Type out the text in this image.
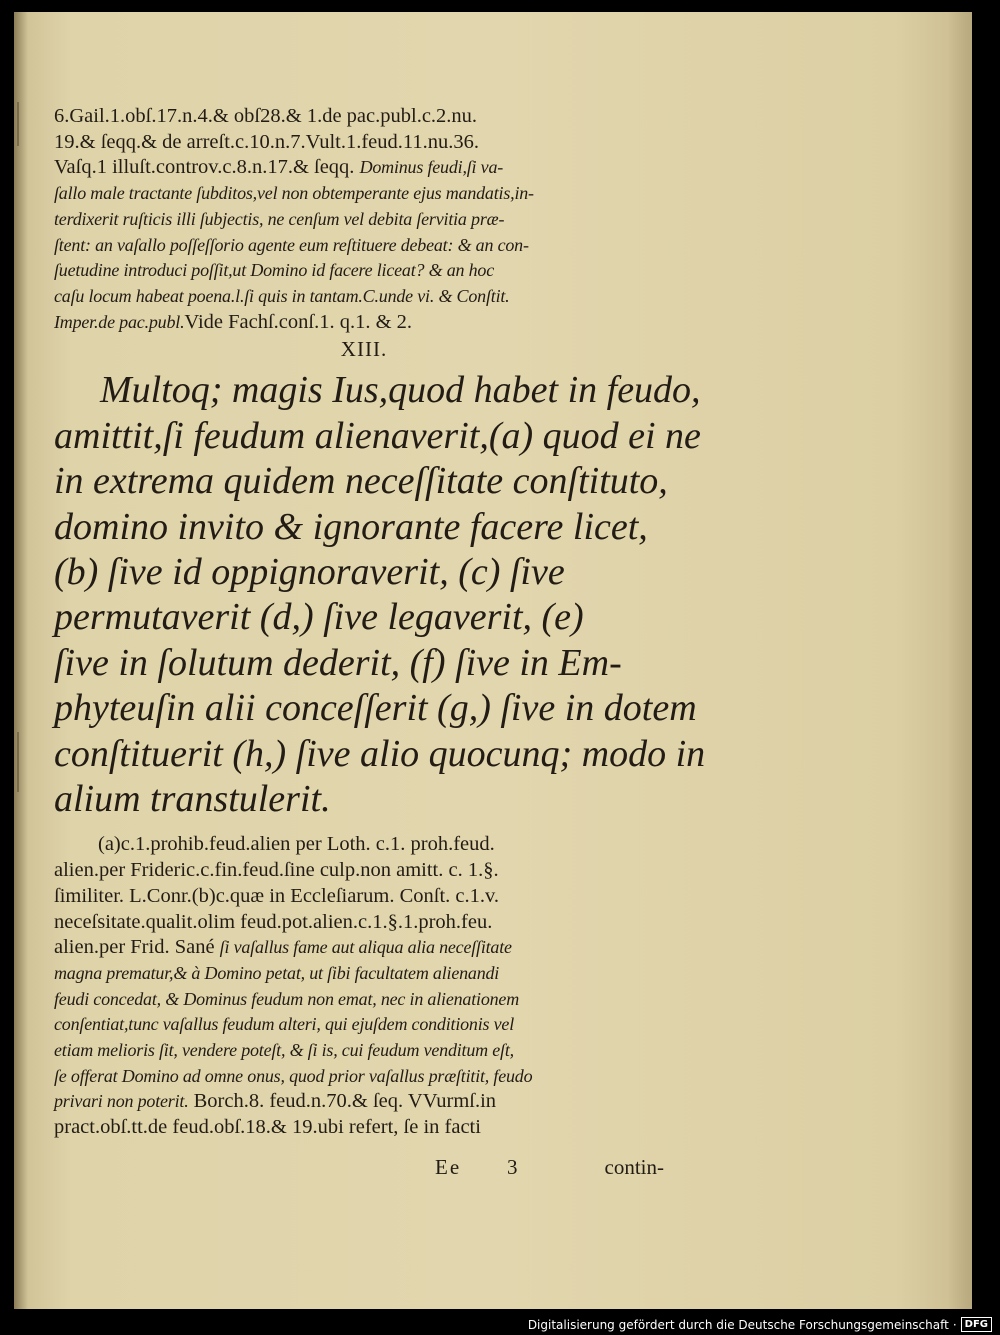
6.Gail.1.obſ.17.n.4.& obſ28.& 1.de pac.publ.c.2.nu.
19.& ſeqq.& de arreſt.c.10.n.7.Vult.1.feud.11.nu.36.
Vaſq.1 illuſt.controv.c.8.n.17.& ſeqq. Dominus feudi,ſi va-
ſallo male tractante ſubditos,vel non obtemperante ejus mandatis,in-
terdixerit ruſticis illi ſubjectis, ne cenſum vel debita ſervitia præ-
ſtent: an vaſallo poſſeſſorio agente eum reſtituere debeat: & an con-
ſuetudine introduci poſſit,ut Domino id facere liceat? & an hoc
caſu locum habeat poena.l.ſi quis in tantam.C.unde vi. & Conſtit.
Imper.de pac.publ.Vide Fachſ.conſ.1. q.1. & 2.

XIII.

Multoq; magis Ius,quod habet in feudo,
amittit,ſi feudum alienaverit,(a) quod ei ne
in extrema quidem neceſſitate conſtituto,
domino invito & ignorante facere licet,
(b) ſive id oppignoraverit, (c) ſive
permutaverit (d,) ſive legaverit, (e)
ſive in ſolutum dederit, (f) ſive in Em-
phyteuſin alii conceſſerit (g,) ſive in dotem
conſtituerit (h,) ſive alio quocunq; modo in
alium transtulerit.

(a)c.1.prohib.feud.alien per Loth. c.1. proh.feud.
alien.per Frideric.c.fin.feud.ſine culp.non amitt. c. 1.§.
ſimiliter. L.Conr.(b)c.quæ in Eccleſiarum. Conſt. c.1.v.
neceſsitate.qualit.olim feud.pot.alien.c.1.§.1.proh.feu.
alien.per Frid. Sané ſi vaſallus fame aut aliqua alia neceſſitate
magna prematur,& à Domino petat, ut ſibi facultatem alienandi
feudi concedat, & Dominus feudum non emat, nec in alienationem
conſentiat,tunc vaſallus feudum alteri, qui ejuſdem conditionis vel
etiam melioris ſit, vendere poteſt, & ſi is, cui feudum venditum eſt,
ſe offerat Domino ad omne onus, quod prior vaſallus præſtitit, feudo
privari non poterit. Borch.8. feud.n.70.& ſeq. VVurmſ.in
pract.obſ.tt.de feud.obſ.18.& 19.ubi refert, ſe in facti

Ee 3	contin-
Digitalisierung gefördert durch die Deutsche Forschungsgemeinschaft · DFG
